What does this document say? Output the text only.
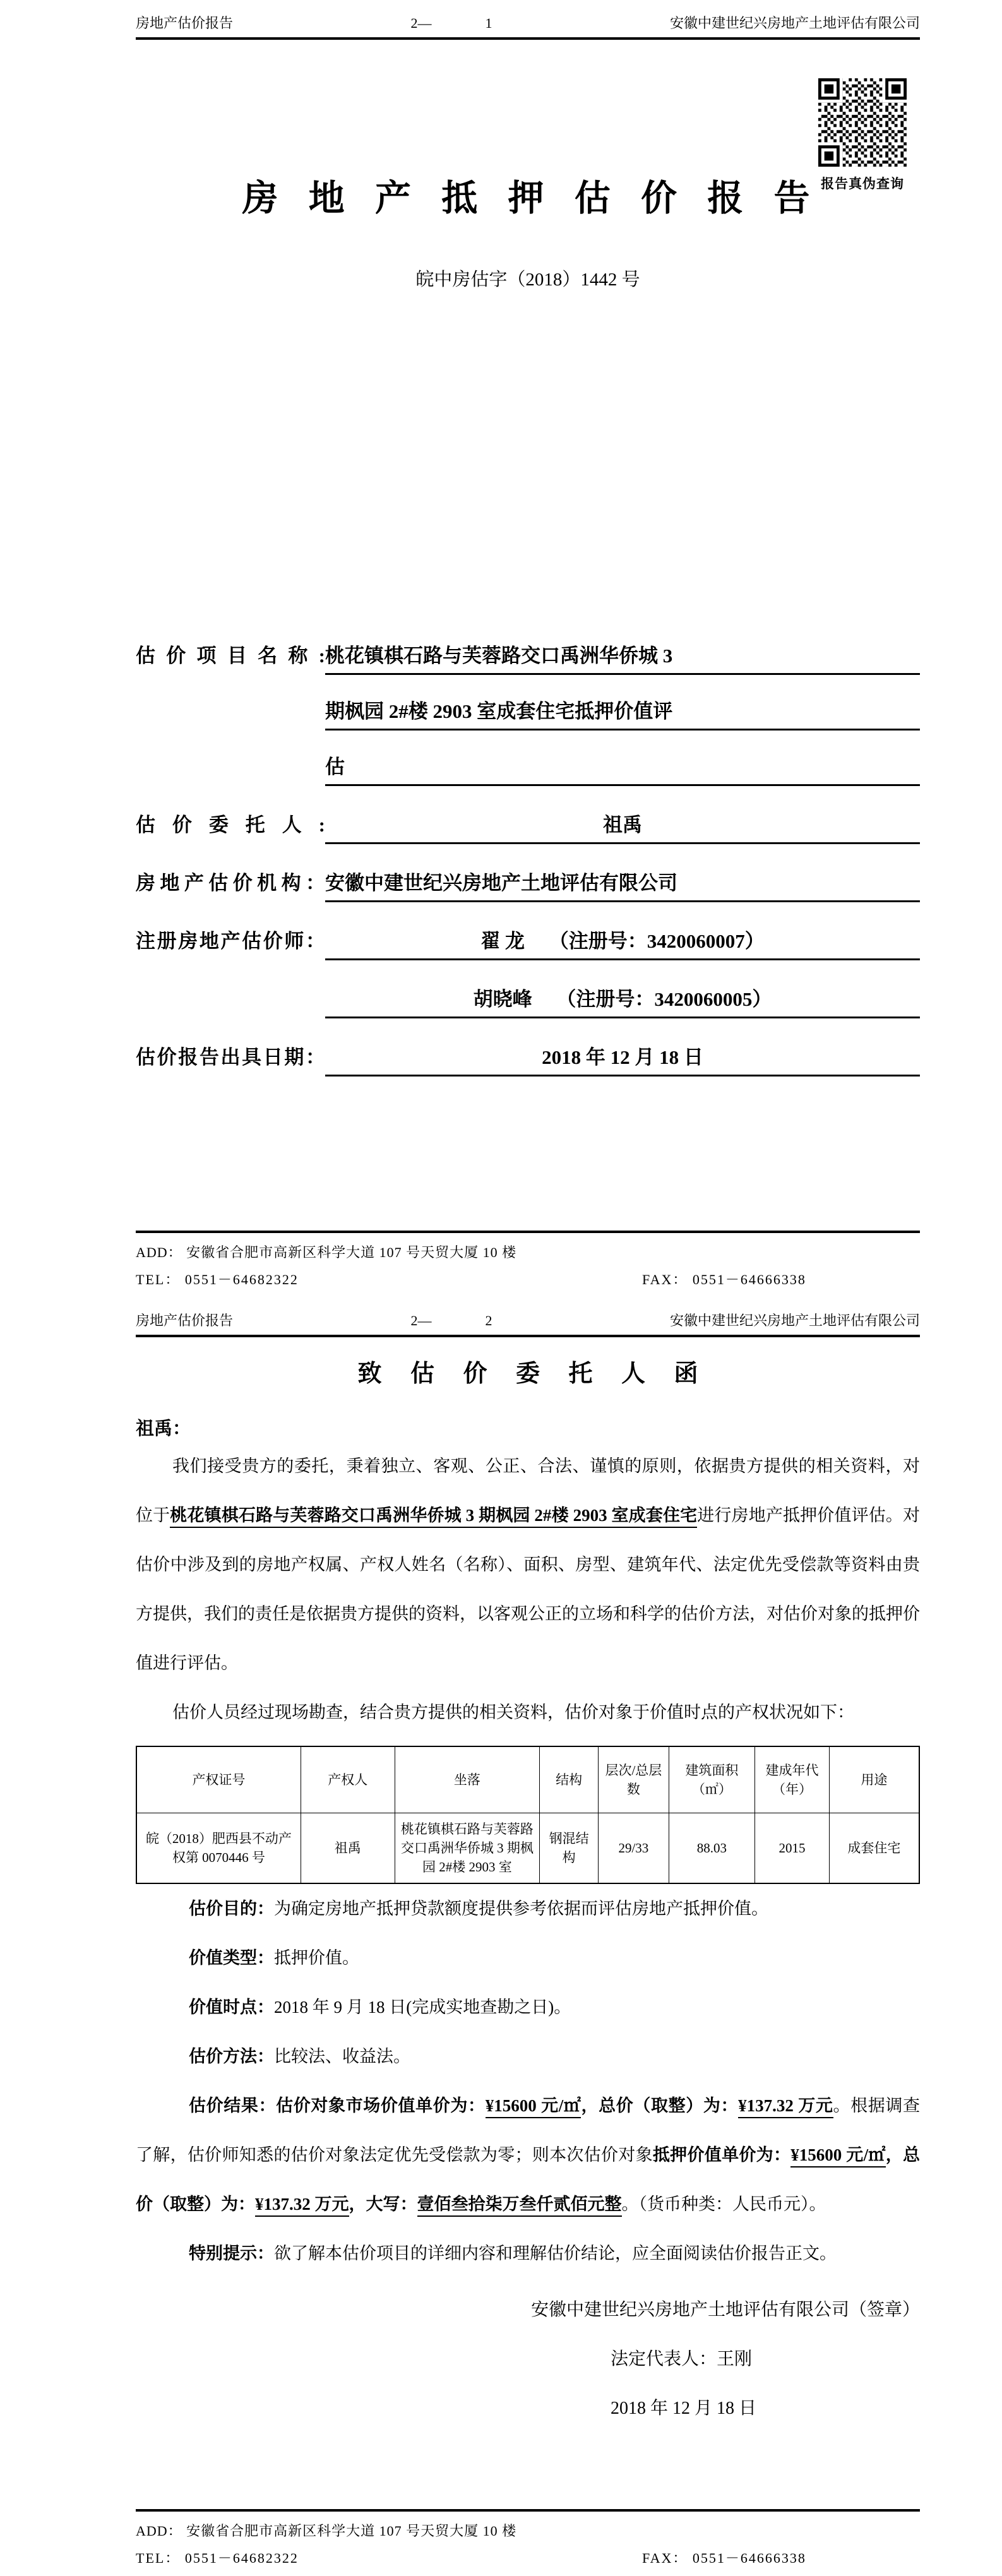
房地产估价报告	2—	1	安徽中建世纪兴房地产土地评估有限公司
报告真伪查询
房 地 产 抵 押 估 价 报 告
皖中房估字（2018）1442 号
估价项目名称: 桃花镇棋石路与芙蓉路交口禹洲华侨城 3
期枫园 2#楼 2903 室成套住宅抵押价值评
估
估价委托人:	祖禹
房地产估价机构： 安徽中建世纪兴房地产土地评估有限公司
注册房地产估价师：	翟 龙　 （注册号：3420060007）
胡晓峰　 （注册号：3420060005）
估价报告出具日期：	2018 年 12 月 18 日
ADD： 安徽省合肥市高新区科学大道 107 号天贸大厦 10 楼
TEL： 0551－64682322	FAX： 0551－64666338
房地产估价报告	2—	2	安徽中建世纪兴房地产土地评估有限公司
致 估 价 委 托 人 函
祖禹：

我们接受贵方的委托，秉着独立、客观、公正、合法、谨慎的原则，依据贵方提供的相关资料，对位于桃花镇棋石路与芙蓉路交口禹洲华侨城 3 期枫园 2#楼 2903 室成套住宅进行房地产抵押价值评估。对估价中涉及到的房地产权属、产权人姓名（名称）、面积、房型、建筑年代、法定优先受偿款等资料由贵方提供，我们的责任是依据贵方提供的资料，以客观公正的立场和科学的估价方法，对估价对象的抵押价值进行评估。

估价人员经过现场勘查，结合贵方提供的相关资料，估价对象于价值时点的产权状况如下：

产权证号	产权人	坐落	结构	层次/总层数	建筑面积（㎡）	建成年代（年）	用途
皖（2018）肥西县不动产权第 0070446 号	祖禹	桃花镇棋石路与芙蓉路交口禹洲华侨城 3 期枫园 2#楼 2903 室	钢混结构	29/33	88.03	2015	成套住宅

估价目的：为确定房地产抵押贷款额度提供参考依据而评估房地产抵押价值。

价值类型：抵押价值。

价值时点：2018 年 9 月 18 日(完成实地查勘之日)。

估价方法：比较法、收益法。

估价结果：估价对象市场价值单价为：¥15600 元/㎡，总价（取整）为：¥137.32 万元。根据调查了解，估价师知悉的估价对象法定优先受偿款为零；则本次估价对象抵押价值单价为：¥15600 元/㎡，总价（取整）为：¥137.32 万元，大写：壹佰叁拾柒万叁仟贰佰元整。（货币种类：人民币元）。

特别提示：欲了解本估价项目的详细内容和理解估价结论，应全面阅读估价报告正文。

安徽中建世纪兴房地产土地评估有限公司（签章）
法定代表人：王刚
2018 年 12 月 18 日
ADD： 安徽省合肥市高新区科学大道 107 号天贸大厦 10 楼
TEL： 0551－64682322	FAX： 0551－64666338
